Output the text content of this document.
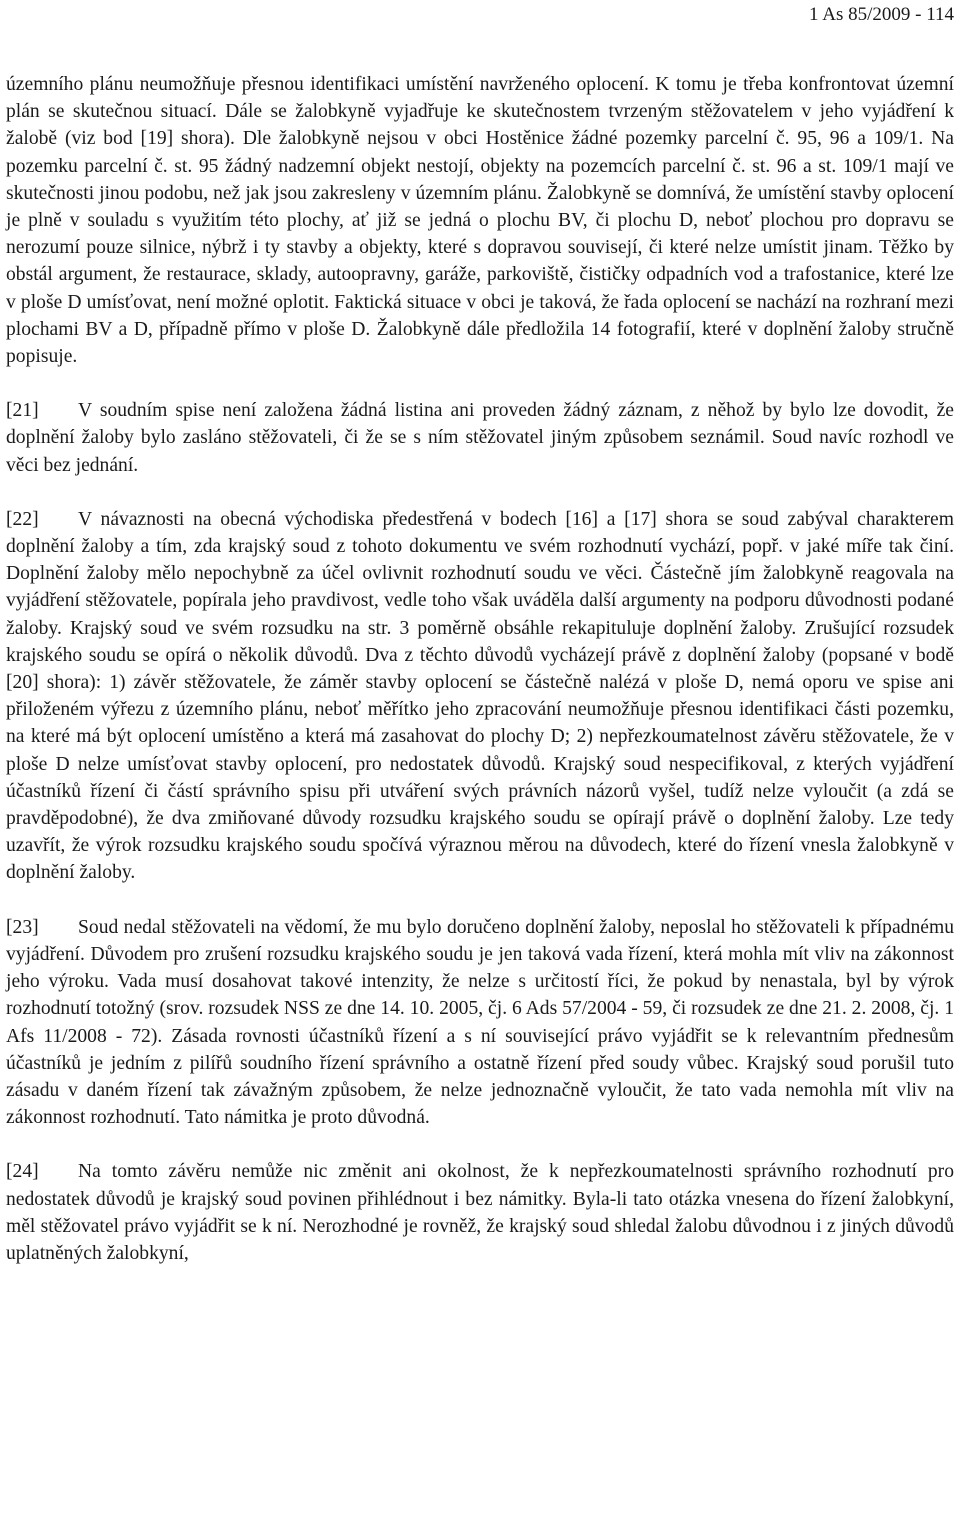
1 As 85/2009 - 114

územního plánu neumožňuje přesnou identifikaci umístění navrženého oplocení. K tomu je třeba konfrontovat územní plán se skutečnou situací. Dále se žalobkyně vyjadřuje ke skutečnostem tvrzeným stěžovatelem v jeho vyjádření k žalobě (viz bod [19] shora). Dle žalobkyně nejsou v obci Hostěnice žádné pozemky parcelní č. 95, 96 a 109/1. Na pozemku parcelní č. st. 95 žádný nadzemní objekt nestojí, objekty na pozemcích parcelní č. st. 96 a st. 109/1 mají ve skutečnosti jinou podobu, než jak jsou zakresleny v územním plánu. Žalobkyně se domnívá, že umístění stavby oplocení je plně v souladu s využitím této plochy, ať již se jedná o plochu BV, či plochu D, neboť plochou pro dopravu se nerozumí pouze silnice, nýbrž i ty stavby a objekty, které s dopravou souvisejí, či které nelze umístit jinam. Těžko by obstál argument, že restaurace, sklady, autoopravny, garáže, parkoviště, čističky odpadních vod a trafostanice, které lze v ploše D umísťovat, není možné oplotit. Faktická situace v obci je taková, že řada oplocení se nachází na rozhraní mezi plochami BV a D, případně přímo v ploše D. Žalobkyně dále předložila 14 fotografií, které v doplnění žaloby stručně popisuje.

[21] V soudním spise není založena žádná listina ani proveden žádný záznam, z něhož by bylo lze dovodit, že doplnění žaloby bylo zasláno stěžovateli, či že se s ním stěžovatel jiným způsobem seznámil. Soud navíc rozhodl ve věci bez jednání.

[22] V návaznosti na obecná východiska předestřená v bodech [16] a [17] shora se soud zabýval charakterem doplnění žaloby a tím, zda krajský soud z tohoto dokumentu ve svém rozhodnutí vychází, popř. v jaké míře tak činí. Doplnění žaloby mělo nepochybně za účel ovlivnit rozhodnutí soudu ve věci. Částečně jím žalobkyně reagovala na vyjádření stěžovatele, popírala jeho pravdivost, vedle toho však uváděla další argumenty na podporu důvodnosti podané žaloby. Krajský soud ve svém rozsudku na str. 3 poměrně obsáhle rekapituluje doplnění žaloby. Zrušující rozsudek krajského soudu se opírá o několik důvodů. Dva z těchto důvodů vycházejí právě z doplnění žaloby (popsané v bodě [20] shora): 1) závěr stěžovatele, že záměr stavby oplocení se částečně nalézá v ploše D, nemá oporu ve spise ani přiloženém výřezu z územního plánu, neboť měřítko jeho zpracování neumožňuje přesnou identifikaci části pozemku, na které má být oplocení umístěno a která má zasahovat do plochy D; 2) nepřezkoumatelnost závěru stěžovatele, že v ploše D nelze umísťovat stavby oplocení, pro nedostatek důvodů. Krajský soud nespecifikoval, z kterých vyjádření účastníků řízení či částí správního spisu při utváření svých právních názorů vyšel, tudíž nelze vyloučit (a zdá se pravděpodobné), že dva zmiňované důvody rozsudku krajského soudu se opírají právě o doplnění žaloby. Lze tedy uzavřít, že výrok rozsudku krajského soudu spočívá výraznou měrou na důvodech, které do řízení vnesla žalobkyně v doplnění žaloby.

[23] Soud nedal stěžovateli na vědomí, že mu bylo doručeno doplnění žaloby, neposlal ho stěžovateli k případnému vyjádření. Důvodem pro zrušení rozsudku krajského soudu je jen taková vada řízení, která mohla mít vliv na zákonnost jeho výroku. Vada musí dosahovat takové intenzity, že nelze s určitostí říci, že pokud by nenastala, byl by výrok rozhodnutí totožný (srov. rozsudek NSS ze dne 14. 10. 2005, čj. 6 Ads 57/2004 - 59, či rozsudek ze dne 21. 2. 2008, čj. 1 Afs 11/2008 - 72). Zásada rovnosti účastníků řízení a s ní související právo vyjádřit se k relevantním přednesům účastníků je jedním z pilířů soudního řízení správního a ostatně řízení před soudy vůbec. Krajský soud porušil tuto zásadu v daném řízení tak závažným způsobem, že nelze jednoznačně vyloučit, že tato vada nemohla mít vliv na zákonnost rozhodnutí. Tato námitka je proto důvodná.

[24] Na tomto závěru nemůže nic změnit ani okolnost, že k nepřezkoumatelnosti správního rozhodnutí pro nedostatek důvodů je krajský soud povinen přihlédnout i bez námitky. Byla-li tato otázka vnesena do řízení žalobkyní, měl stěžovatel právo vyjádřit se k ní. Nerozhodné je rovněž, že krajský soud shledal žalobu důvodnou i z jiných důvodů uplatněných žalobkyní,
